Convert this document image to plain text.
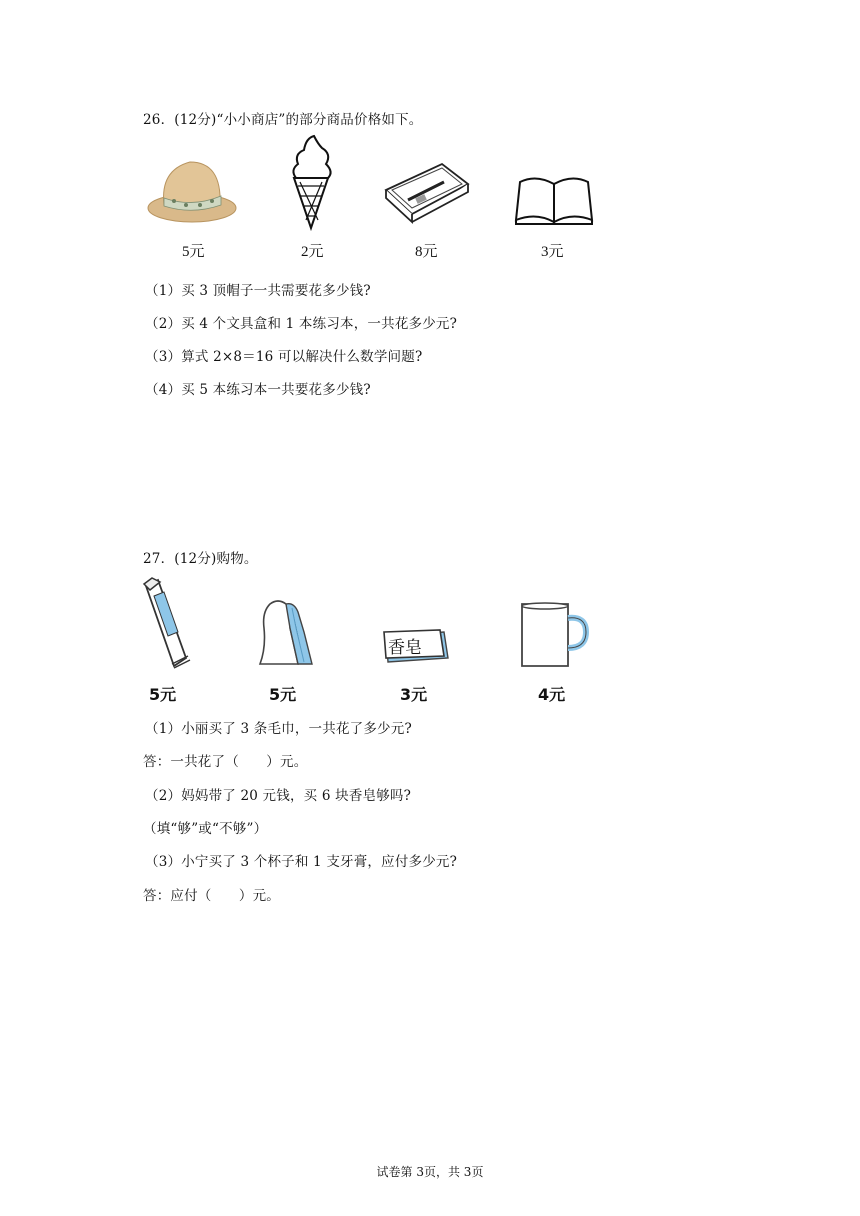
26．(12分)“小小商店”的部分商品价格如下。
5元	2元	8元	3元
（1）买 3 顶帽子一共需要花多少钱?
（2）买 4 个文具盒和 1 本练习本，一共花多少元?
（3）算式 2×8＝16 可以解决什么数学问题?
（4）买 5 本练习本一共要花多少钱?
27．(12分)购物。
5元	5元
香皂
3元	4元
（1）小丽买了 3 条毛巾，一共花了多少元?
答：一共花了（　　）元。
（2）妈妈带了 20 元钱，买 6 块香皂够吗?
（填“够”或“不够”）
（3）小宁买了 3 个杯子和 1 支牙膏，应付多少元?
答：应付（　　）元。
试卷第 3页，共 3页
